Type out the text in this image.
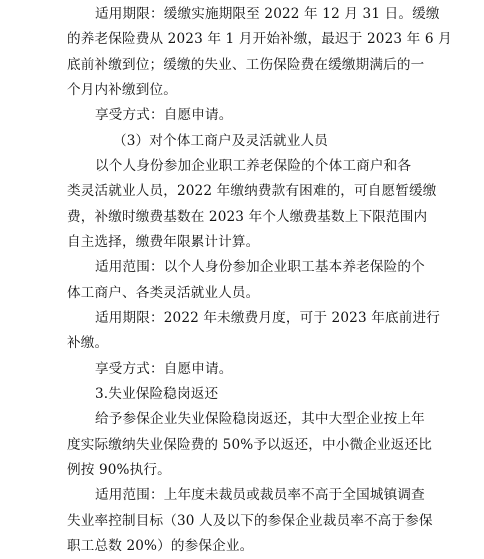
适用期限：缓缴实施期限至 2022 年 12 月 31 日。缓缴
的养老保险费从 2023 年 1 月开始补缴，最迟于 2023 年 6 月
底前补缴到位；缓缴的失业、工伤保险费在缓缴期满后的一
个月内补缴到位。
享受方式：自愿申请。
（3）对个体工商户及灵活就业人员
以个人身份参加企业职工养老保险的个体工商户和各
类灵活就业人员，2022 年缴纳费款有困难的，可自愿暂缓缴
费，补缴时缴费基数在 2023 年个人缴费基数上下限范围内
自主选择，缴费年限累计计算。
适用范围：以个人身份参加企业职工基本养老保险的个
体工商户、各类灵活就业人员。
适用期限：2022 年未缴费月度，可于 2023 年底前进行
补缴。
享受方式：自愿申请。
3.失业保险稳岗返还
给予参保企业失业保险稳岗返还，其中大型企业按上年
度实际缴纳失业保险费的 50%予以返还，中小微企业返还比
例按 90%执行。
适用范围：上年度未裁员或裁员率不高于全国城镇调查
失业率控制目标（30 人及以下的参保企业裁员率不高于参保
职工总数 20%）的参保企业。
